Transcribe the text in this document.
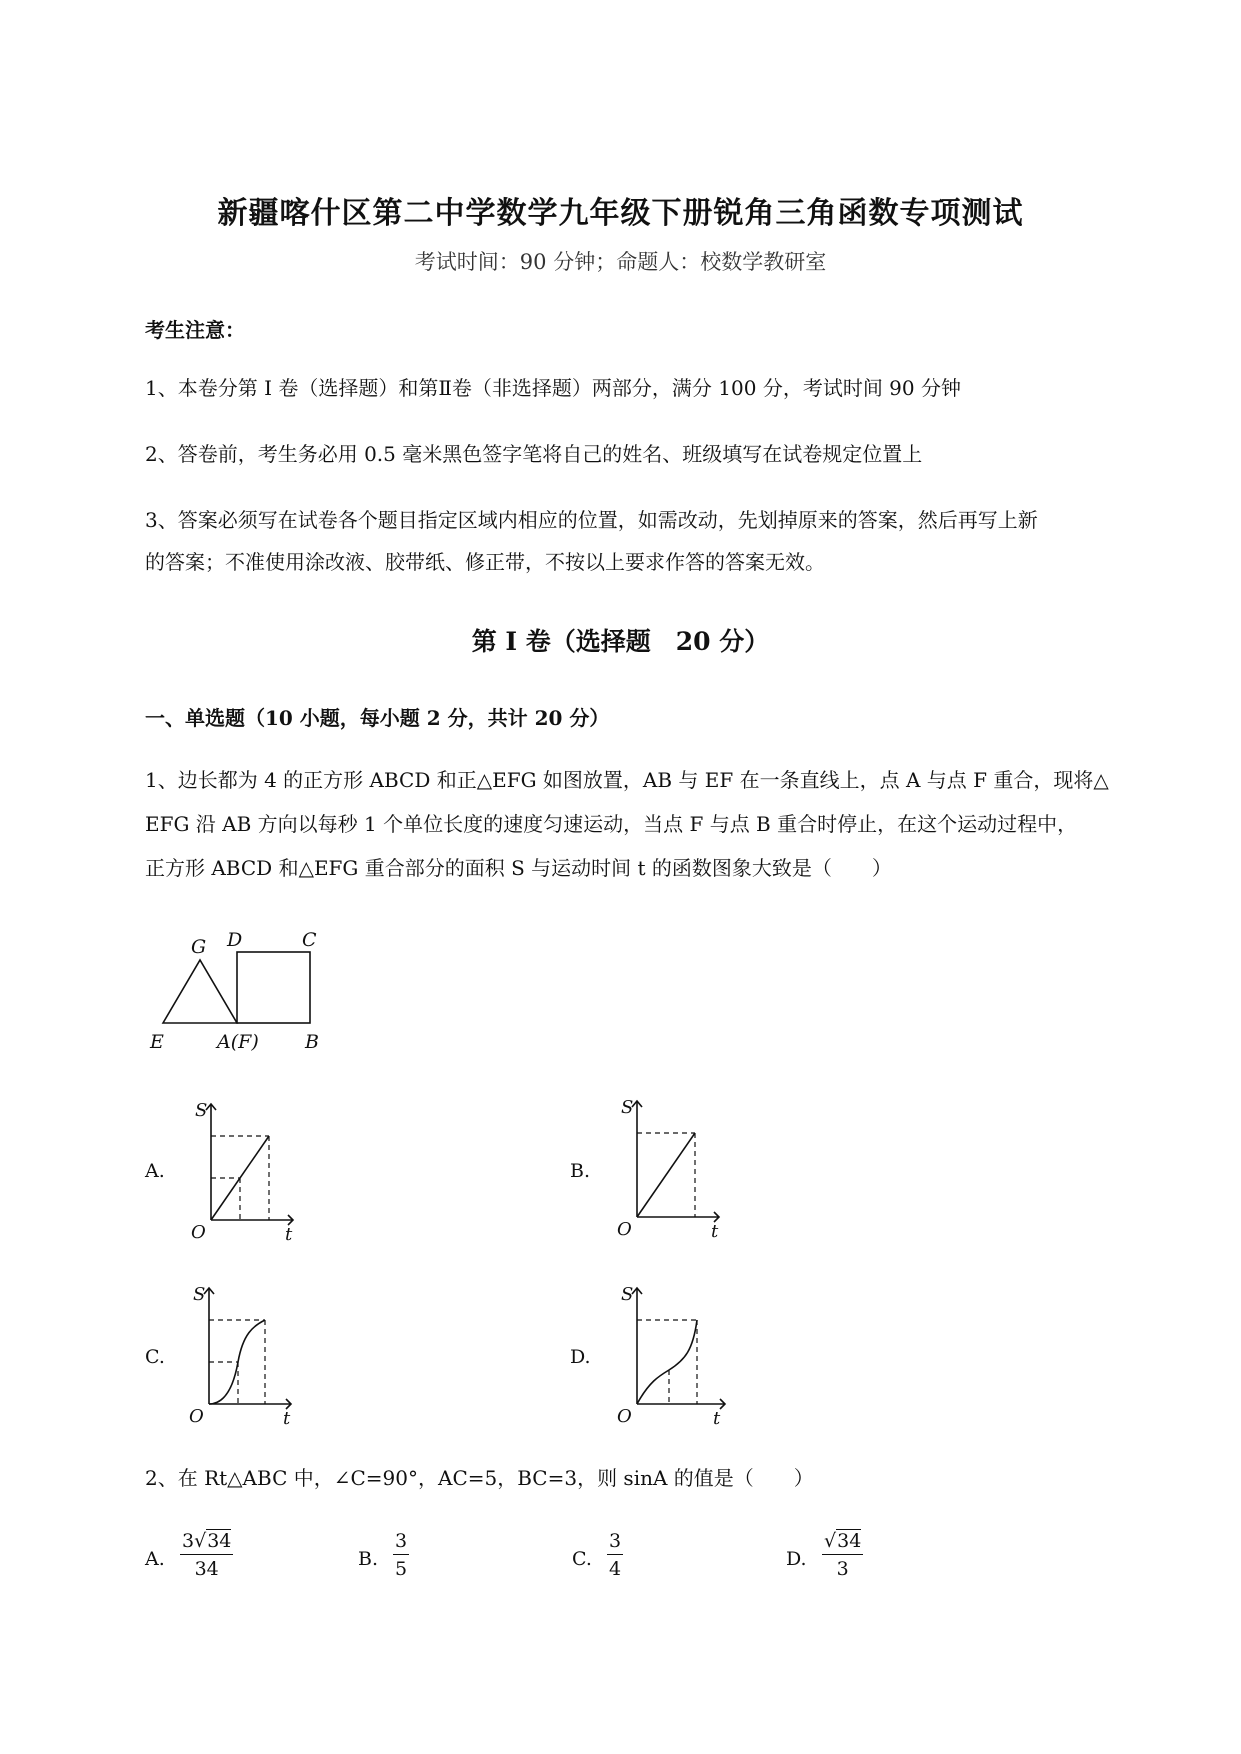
新疆喀什区第二中学数学九年级下册锐角三角函数专项测试
考试时间：90 分钟；命题人：校数学教研室
考生注意：
1、本卷分第 I 卷（选择题）和第Ⅱ卷（非选择题）两部分，满分 100 分，考试时间 90 分钟
2、答卷前，考生务必用 0.5 毫米黑色签字笔将自己的姓名、班级填写在试卷规定位置上
3、答案必须写在试卷各个题目指定区域内相应的位置，如需改动，先划掉原来的答案，然后再写上新
的答案；不准使用涂改液、胶带纸、修正带，不按以上要求作答的答案无效。
第 I 卷（选择题　20 分）
一、单选题（10 小题，每小题 2 分，共计 20 分）
1、边长都为 4 的正方形 ABCD 和正△EFG 如图放置，AB 与 EF 在一条直线上，点 A 与点 F 重合，现将△
EFG 沿 AB 方向以每秒 1 个单位长度的速度匀速运动，当点 F 与点 B 重合时停止，在这个运动过程中，
正方形 ABCD 和△EFG 重合部分的面积 S 与运动时间 t 的函数图象大致是（　　）
G D	C
E	A(F) B
A.
S
O	t
B.
S
O	t
C.
S
O	t
D.
S
O	t
2、在 Rt△ABC 中，∠C=90°，AC=5，BC=3，则 sinA 的值是（　　）
A. $\frac{3√34}{34}$	B. $\frac{3}{5}$	C. $\frac{3}{4}$	D. $\frac{√34}{3}$
